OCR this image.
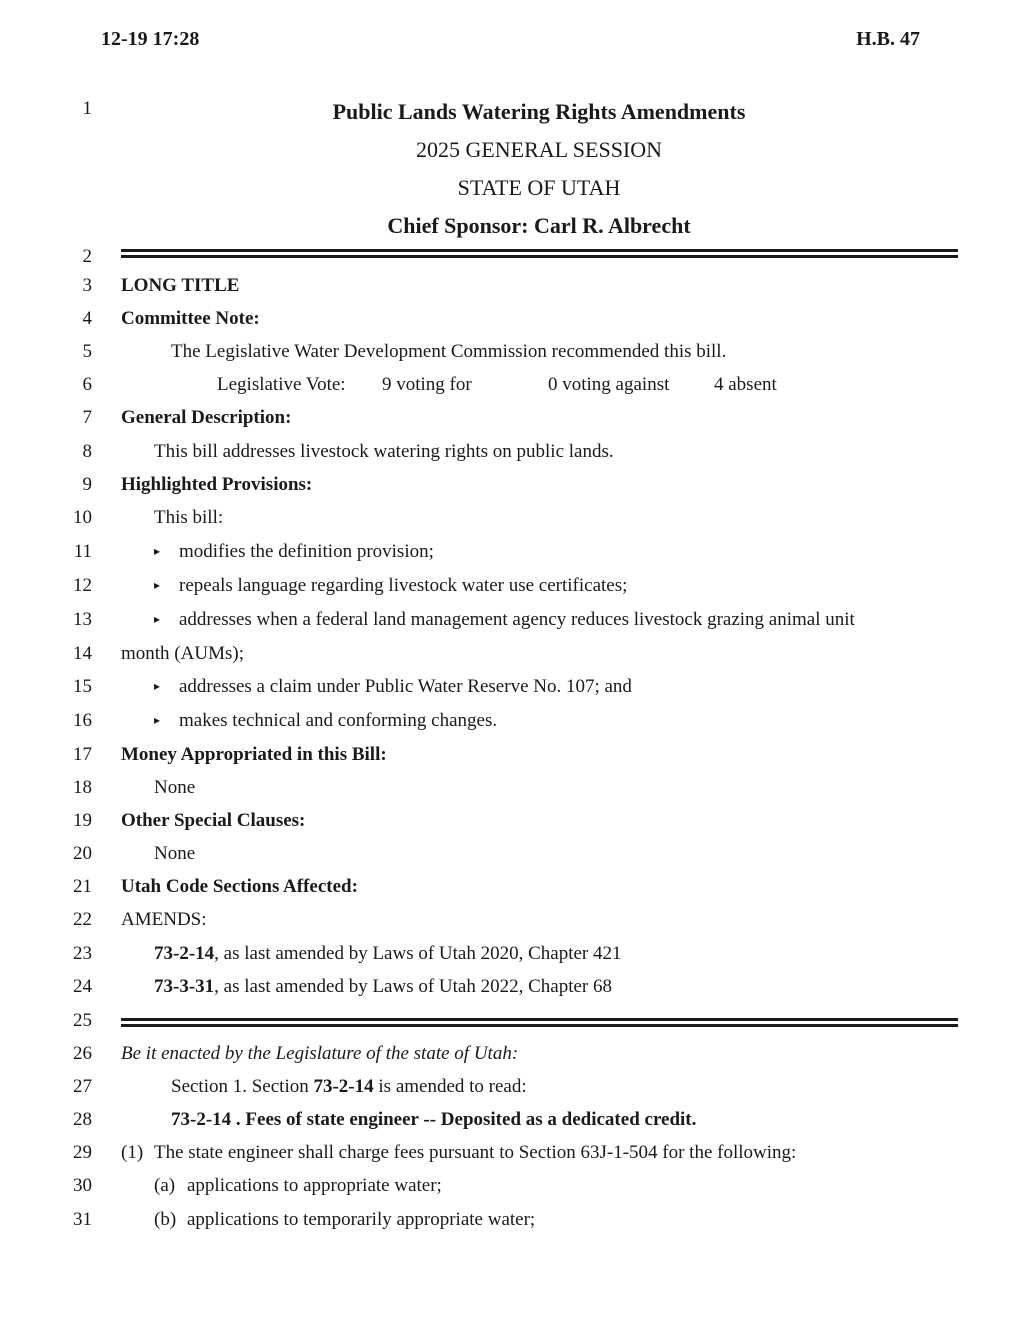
12-19 17:28	H.B. 47
1
2
3
4
5
6
7
8
9
10
11
12
13
14
15
16
17
18
19
20
21
22
23
24
25
26
27
28
29
30
31
Public Lands Watering Rights Amendments
2025 GENERAL SESSION
STATE OF UTAH
Chief Sponsor: Carl R. Albrecht
LONG TITLE
Committee Note:
The Legislative Water Development Commission recommended this bill.
Legislative Vote: 9 voting for	0 voting against 4 absent
General Description:
This bill addresses livestock watering rights on public lands.
Highlighted Provisions:
This bill:
▸ modifies the definition provision;
▸ repeals language regarding livestock water use certificates;
▸ addresses when a federal land management agency reduces livestock grazing animal unit
month (AUMs);
▸ addresses a claim under Public Water Reserve No. 107; and
▸ makes technical and conforming changes.
Money Appropriated in this Bill:
None
Other Special Clauses:
None
Utah Code Sections Affected:
AMENDS:
73-2-14, as last amended by Laws of Utah 2020, Chapter 421
73-3-31, as last amended by Laws of Utah 2022, Chapter 68
Be it enacted by the Legislature of the state of Utah:
Section 1. Section 73-2-14 is amended to read:
73-2-14 . Fees of state engineer -- Deposited as a dedicated credit.
(1) The state engineer shall charge fees pursuant to Section 63J-1-504 for the following:
(a) applications to appropriate water;
(b) applications to temporarily appropriate water;
